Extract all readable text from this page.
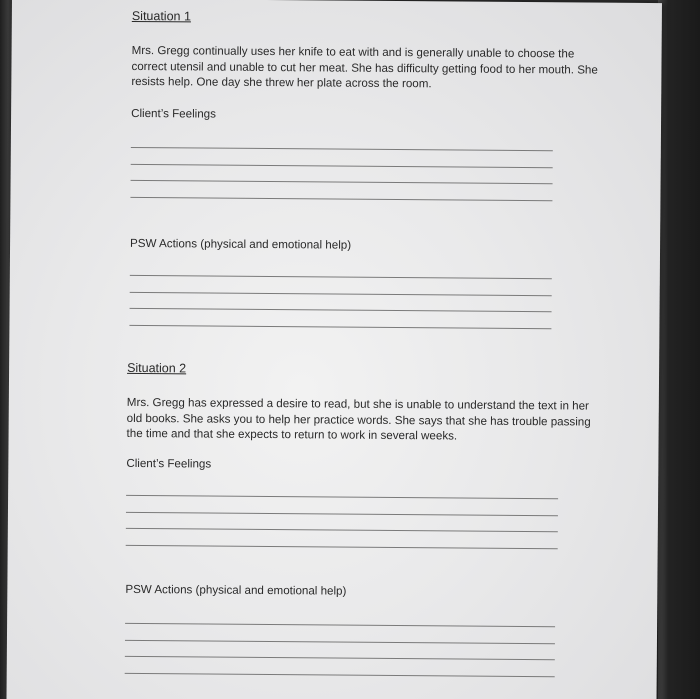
Situation 1

Mrs. Gregg continually uses her knife to eat with and is generally unable to choose the correct utensil and unable to cut her meat. She has difficulty getting food to her mouth. She resists help. One day she threw her plate across the room.

Client’s Feelings

PSW Actions (physical and emotional help)

Situation 2

Mrs. Gregg has expressed a desire to read, but she is unable to understand the text in her old books. She asks you to help her practice words. She says that she has trouble passing the time and that she expects to return to work in several weeks.

Client’s Feelings

PSW Actions (physical and emotional help)
